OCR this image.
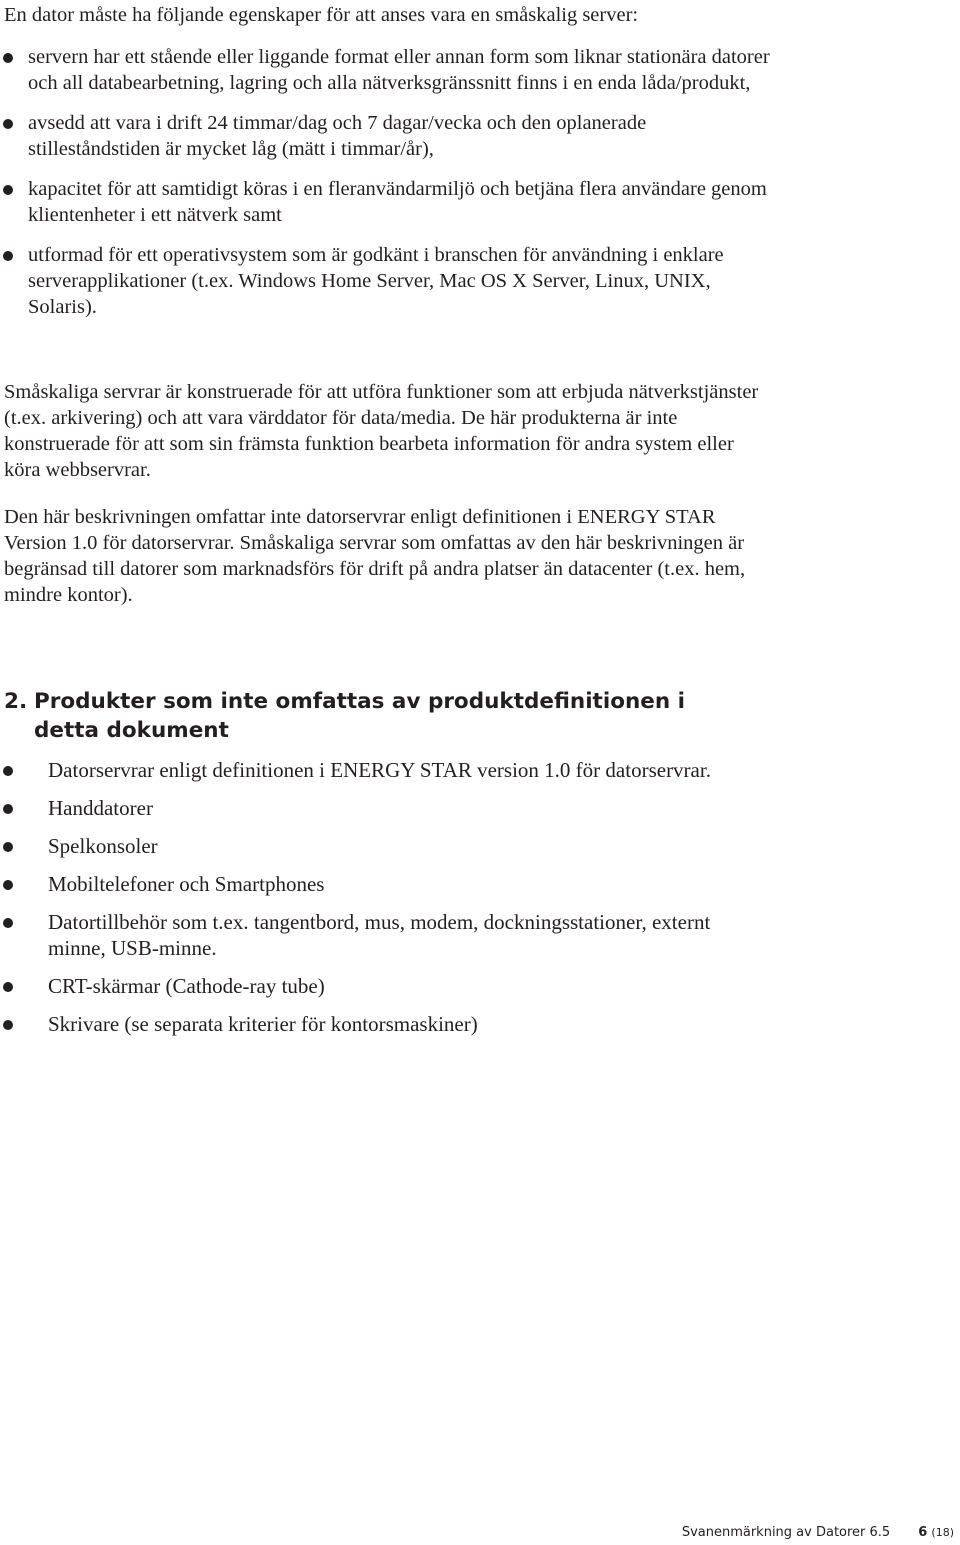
En dator måste ha följande egenskaper för att anses vara en småskalig server:

servern har ett stående eller liggande format eller annan form som liknar stationära datorer och all databearbetning, lagring och alla nätverksgränssnitt finns i en enda låda/produkt,
avsedd att vara i drift 24 timmar/dag och 7 dagar/vecka och den oplanerade stilleståndstiden är mycket låg (mätt i timmar/år),
kapacitet för att samtidigt köras i en fleranvändarmiljö och betjäna flera användare genom klientenheter i ett nätverk samt
utformad för ett operativsystem som är godkänt i branschen för användning i enklare serverapplikationer (t.ex. Windows Home Server, Mac OS X Server, Linux, UNIX, Solaris).

Småskaliga servrar är konstruerade för att utföra funktioner som att erbjuda nätverkstjänster (t.ex. arkivering) och att vara värddator för data/media. De här produkterna är inte konstruerade för att som sin främsta funktion bearbeta information för andra system eller köra webbservrar.

Den här beskrivningen omfattar inte datorservrar enligt definitionen i ENERGY STAR Version 1.0 för datorservrar. Småskaliga servrar som omfattas av den här beskrivningen är begränsad till datorer som marknadsförs för drift på andra platser än datacenter (t.ex. hem, mindre kontor).

2. Produkter som inte omfattas av produktdefinitionen i
detta dokument
Datorservrar enligt definitionen i ENERGY STAR version 1.0 för datorservrar.
Handdatorer
Spelkonsoler
Mobiltelefoner och Smartphones
Datortillbehör som t.ex. tangentbord, mus, modem, dockningsstationer, externt minne, USB-minne.
CRT-skärmar (Cathode-ray tube)
Skrivare (se separata kriterier för kontorsmaskiner)
Svanenmärkning av Datorer 6.5 6 (18)
